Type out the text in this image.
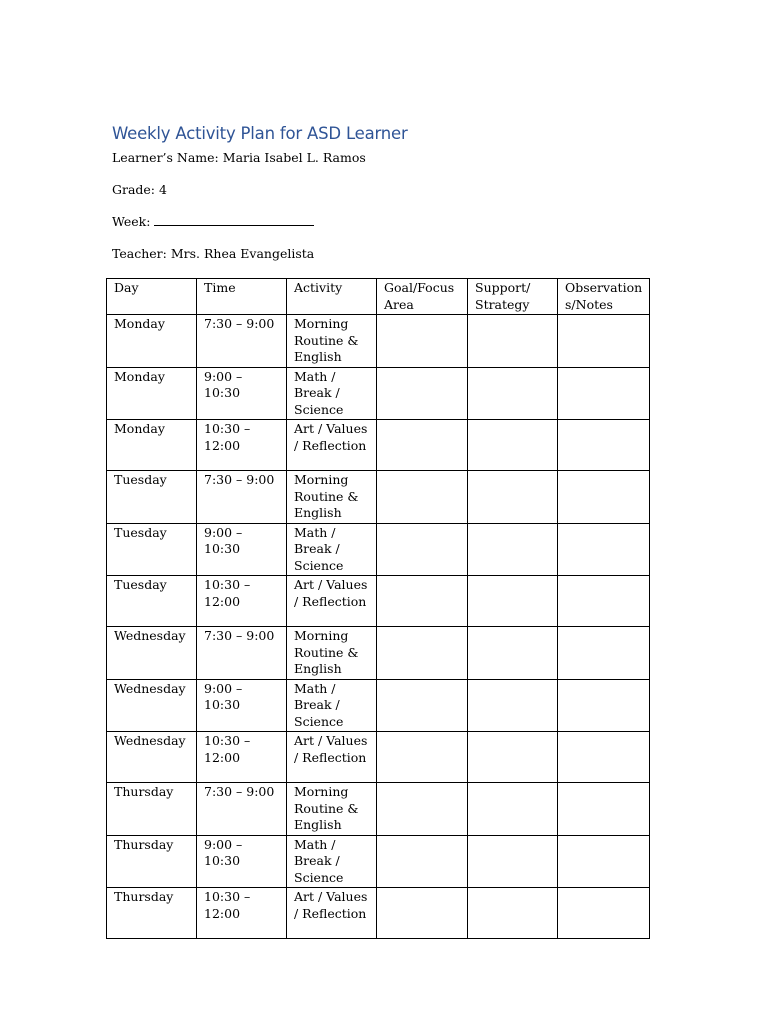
Weekly Activity Plan for ASD Learner
Learner’s Name: Maria Isabel L. Ramos
Grade: 4
Week:
Teacher: Mrs. Rhea Evangelista
Day	Time	Activity	Goal/Focus Area	Support/ Strategy	Observation s/Notes
Monday	7:30 – 9:00	Morning Routine & English			
Monday	9:00 – 10:30	Math / Break / Science			
Monday	10:30 – 12:00	Art / Values / Reflection			
Tuesday	7:30 – 9:00	Morning Routine & English			
Tuesday	9:00 – 10:30	Math / Break / Science			
Tuesday	10:30 – 12:00	Art / Values / Reflection			
Wednesday	7:30 – 9:00	Morning Routine & English			
Wednesday	9:00 – 10:30	Math / Break / Science			
Wednesday	10:30 – 12:00	Art / Values / Reflection			
Thursday	7:30 – 9:00	Morning Routine & English			
Thursday	9:00 – 10:30	Math / Break / Science			
Thursday	10:30 – 12:00	Art / Values / Reflection			
